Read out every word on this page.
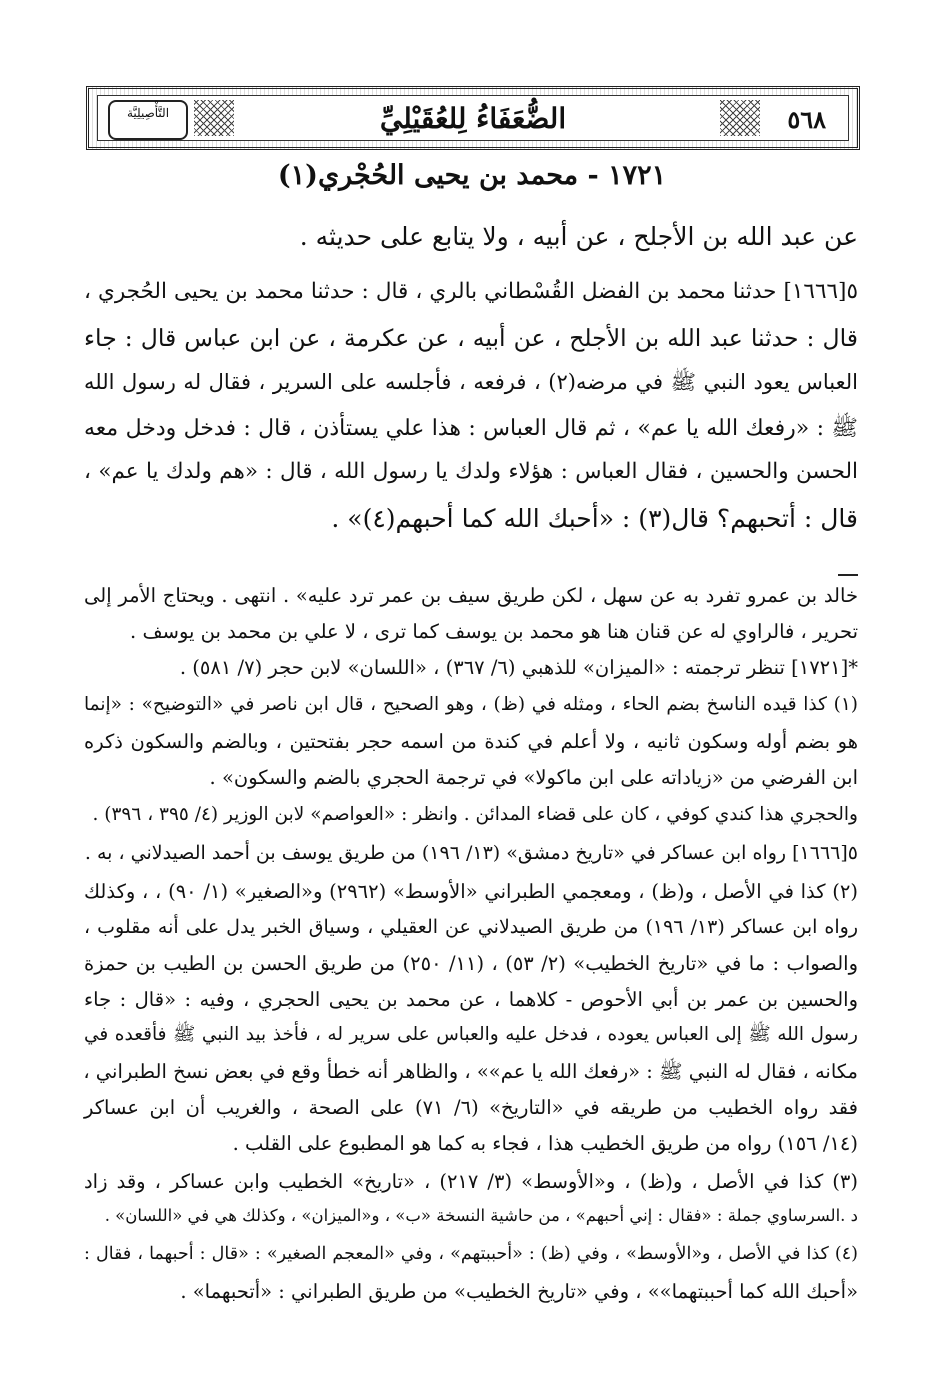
٥٦٨
الضُّعَفَاءُ لِلعُقَيْلِيِّ
التَّأْصِيلِيَّة
١٧٢١ - محمد بن يحيى الحُجْري(١)
عن عبد الله بن الأجلح ، عن أبيه ، ولا يتابع على حديثه .
٥[١٦٦٦] حدثنا محمد بن الفضل القُسْطاني بالري ، قال : حدثنا محمد بن يحيى الحُجري ،
قال : حدثنا عبد الله بن الأجلح ، عن أبيه ، عن عكرمة ، عن ابن عباس قال : جاء
العباس يعود النبي ﷺ في مرضه(٢) ، فرفعه ، فأجلسه على السرير ، فقال له رسول الله
ﷺ : «رفعك الله يا عم» ، ثم قال العباس : هذا علي يستأذن ، قال : فدخل ودخل معه
الحسن والحسين ، فقال العباس : هؤلاء ولدك يا رسول الله ، قال : «هم ولدك يا عم» ،
قال : أتحبهم؟ قال(٣) : «أحبك الله كما أحبهم(٤)» .
خالد بن عمرو تفرد به عن سهل ، لكن طريق سيف بن عمر ترد عليه» . انتهى . ويحتاج الأمر إلى
تحرير ، فالراوي له عن قنان هنا هو محمد بن يوسف كما ترى ، لا علي بن محمد بن يوسف .
*[١٧٢١] تنظر ترجمته : «الميزان» للذهبي (٦/ ٣٦٧) ، «اللسان» لابن حجر (٧/ ٥٨١) .
(١) كذا قيده الناسخ بضم الحاء ، ومثله في (ظ) ، وهو الصحيح ، قال ابن ناصر في «التوضيح» : «إنما
هو بضم أوله وسكون ثانيه ، ولا أعلم في كندة من اسمه حجر بفتحتين ، وبالضم والسكون ذكره
ابن الفرضي من «زياداته على ابن ماكولا» في ترجمة الحجري بالضم والسكون» .
والحجري هذا كندي كوفي ، كان على قضاء المدائن . وانظر : «العواصم» لابن الوزير (٤/ ٣٩٥ ، ٣٩٦) .
٥[١٦٦٦] رواه ابن عساكر في «تاريخ دمشق» (١٣/ ١٩٦) من طريق يوسف بن أحمد الصيدلاني ، به .
(٢) كذا في الأصل ، و(ظ) ، ومعجمي الطبراني «الأوسط» (٢٩٦٢) و«الصغير» (١/ ٩٠) ، ، وكذلك
رواه ابن عساكر (١٣/ ١٩٦) من طريق الصيدلاني عن العقيلي ، وسياق الخبر يدل على أنه مقلوب ،
والصواب : ما في «تاريخ الخطيب» (٢/ ٥٣) ، (١١/ ٢٥٠) من طريق الحسن بن الطيب بن حمزة
والحسين بن عمر بن أبي الأحوص - كلاهما ، عن محمد بن يحيى الحجري ، وفيه : «قال : جاء
رسول الله ﷺ إلى العباس يعوده ، فدخل عليه والعباس على سرير له ، فأخذ بيد النبي ﷺ فأقعده في
مكانه ، فقال له النبي ﷺ : «رفعك الله يا عم»» ، والظاهر أنه خطأ وقع في بعض نسخ الطبراني ،
فقد رواه الخطيب من طريقه في «التاريخ» (٦/ ٧١) على الصحة ، والغريب أن ابن عساكر
(١٤/ ١٥٦) رواه من طريق الخطيب هذا ، فجاء به كما هو المطبوع على القلب .
(٣) كذا في الأصل ، و(ظ) ، و«الأوسط» (٣/ ٢١٧) ، «تاريخ» الخطيب وابن عساكر ، وقد زاد
د .السرساوي جملة : «فقال : إني أحبهم» ، من حاشية النسخة «ب» ، و«الميزان» ، وكذلك هي في «اللسان» .
(٤) كذا في الأصل ، و«الأوسط» ، وفي (ظ) : «أحببتهم» ، وفي «المعجم الصغير» : «قال : أحبهما ، فقال :
«أحبك الله كما أحببتهما»» ، وفي «تاريخ الخطيب» من طريق الطبراني : «أتحبهما» .
